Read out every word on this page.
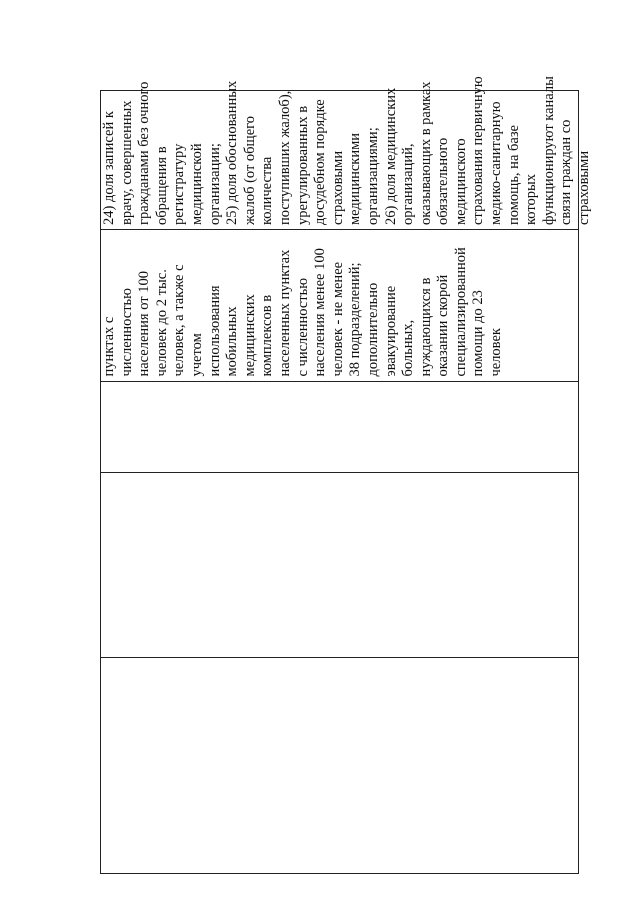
пунктах с численностью населения от 100 человек до 2 тыс. человек, а также с учетом использования мобильных медицинских комплексов в населенных пунктах с численностью населения менее 100 человек - не менее 38 подразделений; дополнительно эвакуирование больных, нуждающихся в оказании скорой специализированной помощи до 23 человек
24) доля записей к врачу, совершенных гражданами без очного обращения в регистратуру медицинской организации; 25) доля обоснованных жалоб (от общего количества поступивших жалоб), урегулированных в досудебном порядке страховыми медицинскими организациями; 26) доля медицинских организаций, оказывающих в рамках обязательного медицинского страхования первичную медико-санитарную помощь, на базе которых функционируют каналы связи граждан со страховыми
